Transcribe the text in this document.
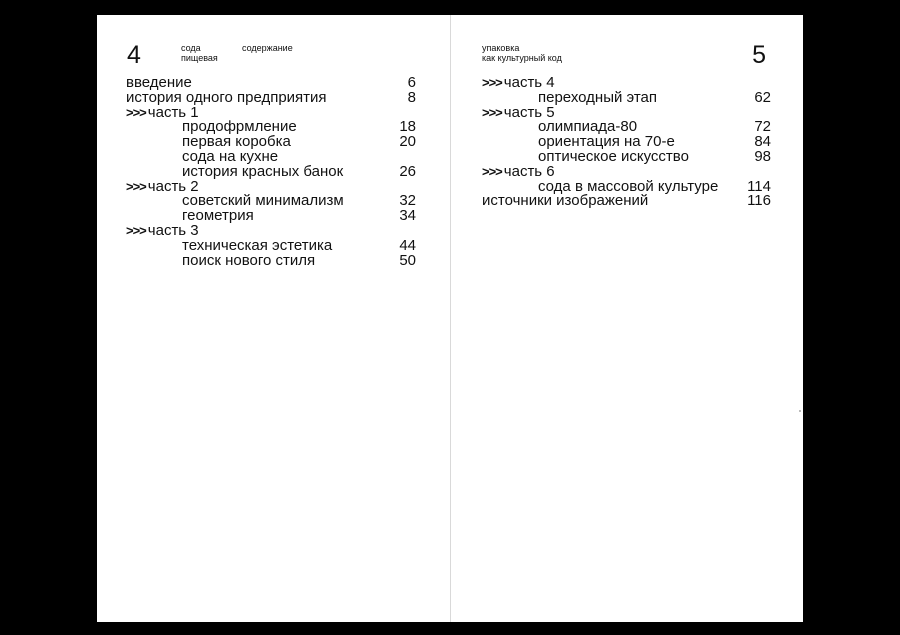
4	сода
пищевая
содержание
введение	6
история одного предприятия	8
>>> часть 1
продофрмление	18
первая коробка	20
сода на кухне
история красных банок	26
>>> часть 2
советский минимализм	32
геометрия	34
>>> часть 3
техническая эстетика	44
поиск нового стиля	50
упаковка
как культурный код	5
>>> часть 4
переходный этап	62
>>> часть 5
олимпиада-80	72
ориентация на 70-е	84
оптическое искусство	98
>>> часть 6
сода в массовой культуре 114
источники изображений	116
